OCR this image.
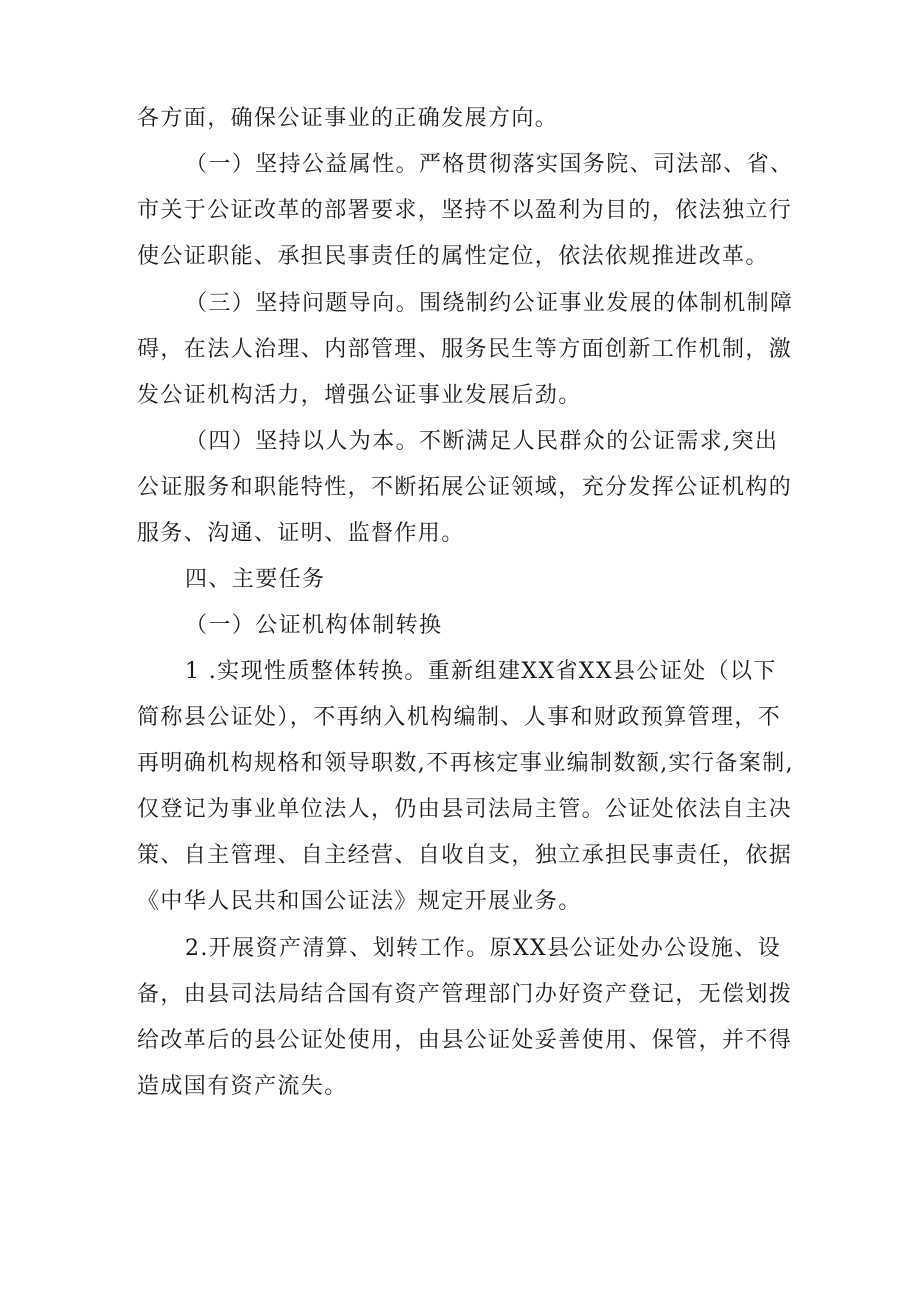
各方面，确保公证事业的正确发展方向。
（一）坚持公益属性。严格贯彻落实国务院、司法部、省、
市关于公证改革的部署要求，坚持不以盈利为目的，依法独立行
使公证职能、承担民事责任的属性定位，依法依规推进改革。
（三）坚持问题导向。围绕制约公证事业发展的体制机制障
碍，在法人治理、内部管理、服务民生等方面创新工作机制，激
发公证机构活力，增强公证事业发展后劲。
（四）坚持以人为本。不断满足人民群众的公证需求,突出
公证服务和职能特性，不断拓展公证领域，充分发挥公证机构的
服务、沟通、证明、监督作用。
四、主要任务
（一）公证机构体制转换
1 .实现性质整体转换。重新组建XX省XX县公证处（以下
简称县公证处），不再纳入机构编制、人事和财政预算管理，不
再明确机构规格和领导职数,不再核定事业编制数额,实行备案制,
仅登记为事业单位法人，仍由县司法局主管。公证处依法自主决
策、自主管理、自主经营、自收自支，独立承担民事责任，依据
《中华人民共和国公证法》规定开展业务。
2.开展资产清算、划转工作。原XX县公证处办公设施、设
备，由县司法局结合国有资产管理部门办好资产登记，无偿划拨
给改革后的县公证处使用，由县公证处妥善使用、保管，并不得
造成国有资产流失。
